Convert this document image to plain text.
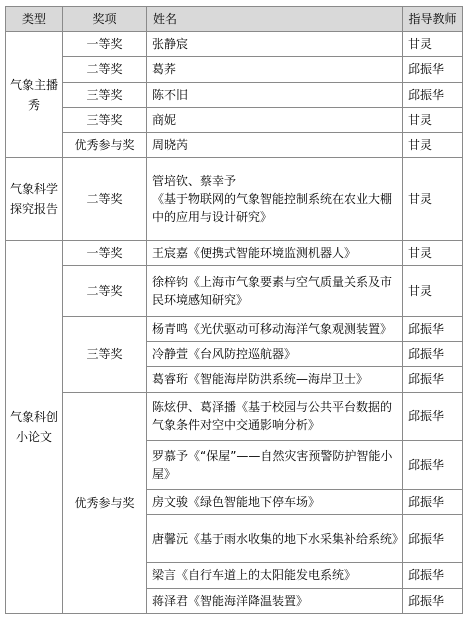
类型	奖项	姓名	指导教师
气象主播秀	一等奖	张静宸	甘灵
	二等奖	葛荞	邱振华
	三等奖	陈不旧	邱振华
	三等奖	商妮	甘灵
	优秀参与奖	周晓芮	甘灵
气象科学探究报告	二等奖	管培钦、蔡幸予
《基于物联网的气象智能控制系统在农业大棚中的应用与设计研究》	甘灵
气象科创小论文	一等奖	王宸嘉《便携式智能环境监测机器人》	甘灵
	二等奖	徐梓钧《上海市气象要素与空气质量关系及市民环境感知研究》	甘灵
	三等奖	杨青鸣《光伏驱动可移动海洋气象观测装置》	邱振华
		冷静萱《台风防控巡航器》	邱振华
		葛睿珩《智能海岸防洪系统—海岸卫士》	邱振华
	优秀参与奖	陈炫伊、葛泽播《基于校园与公共平台数据的气象条件对空中交通影响分析》	邱振华
		罗慕予《“保屋”——自然灾害预警防护智能小屋》	邱振华
		房文骏《绿色智能地下停车场》	邱振华
		唐馨沅《基于雨水收集的地下水采集补给系统》	邱振华
		梁言《自行车道上的太阳能发电系统》	邱振华
		蒋泽君《智能海洋降温装置》	邱振华
